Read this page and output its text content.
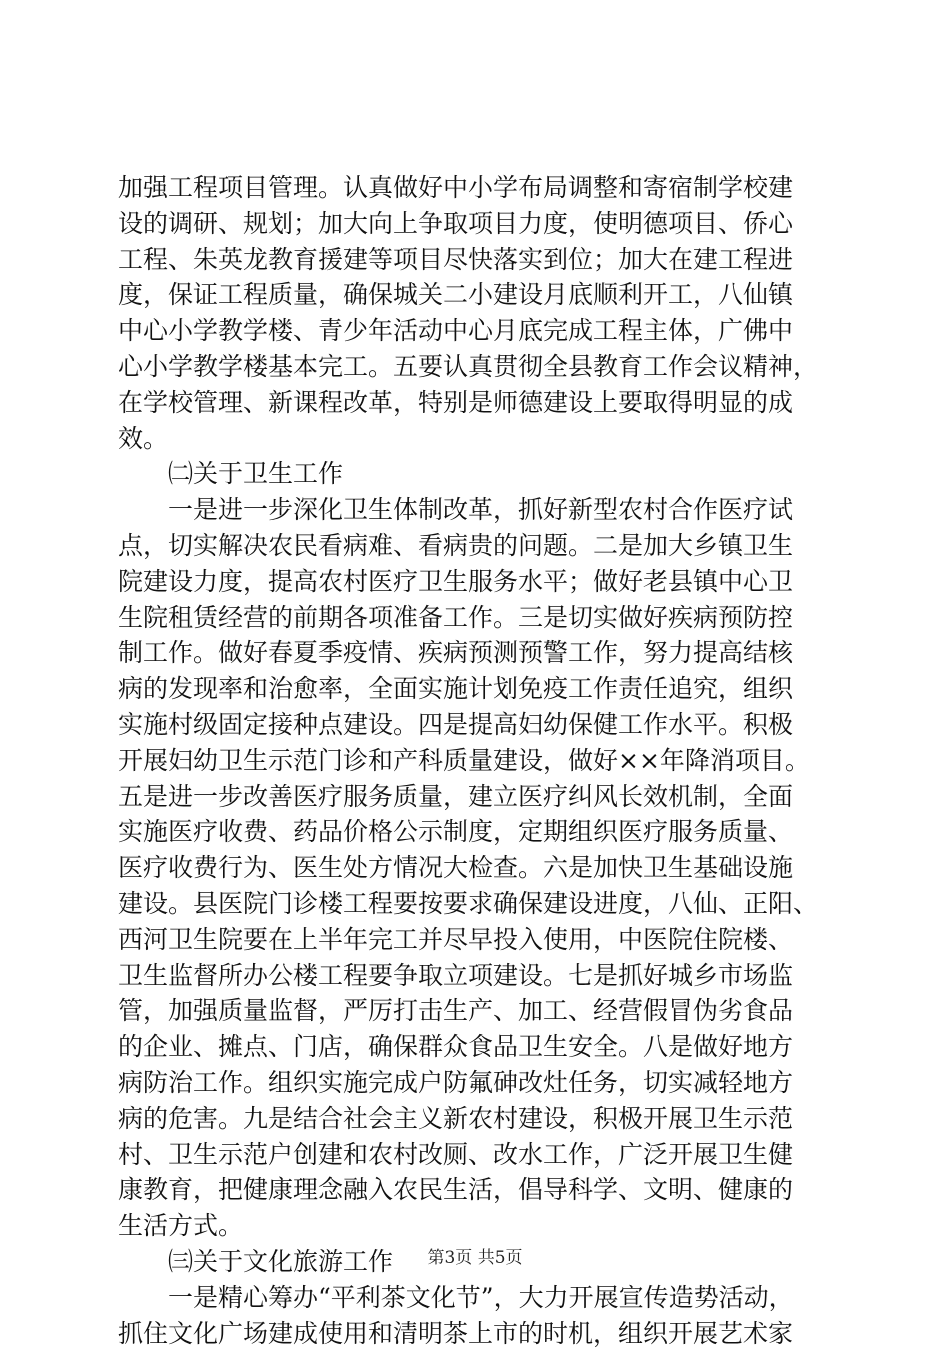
加强工程项目管理。认真做好中小学布局调整和寄宿制学校建
设的调研、规划；加大向上争取项目力度，使明德项目、侨心
工程、朱英龙教育援建等项目尽快落实到位；加大在建工程进
度，保证工程质量，确保城关二小建设月底顺利开工，八仙镇
中心小学教学楼、青少年活动中心月底完成工程主体，广佛中
心小学教学楼基本完工。五要认真贯彻全县教育工作会议精神，
在学校管理、新课程改革，特别是师德建设上要取得明显的成
效。
　　㈡关于卫生工作
　　一是进一步深化卫生体制改革，抓好新型农村合作医疗试
点，切实解决农民看病难、看病贵的问题。二是加大乡镇卫生
院建设力度，提高农村医疗卫生服务水平；做好老县镇中心卫
生院租赁经营的前期各项准备工作。三是切实做好疾病预防控
制工作。做好春夏季疫情、疾病预测预警工作，努力提高结核
病的发现率和治愈率，全面实施计划免疫工作责任追究，组织
实施村级固定接种点建设。四是提高妇幼保健工作水平。积极
开展妇幼卫生示范门诊和产科质量建设，做好××年降消项目。
五是进一步改善医疗服务质量，建立医疗纠风长效机制，全面
实施医疗收费、药品价格公示制度，定期组织医疗服务质量、
医疗收费行为、医生处方情况大检查。六是加快卫生基础设施
建设。县医院门诊楼工程要按要求确保建设进度，八仙、正阳、
西河卫生院要在上半年完工并尽早投入使用，中医院住院楼、
卫生监督所办公楼工程要争取立项建设。七是抓好城乡市场监
管，加强质量监督，严厉打击生产、加工、经营假冒伪劣食品
的企业、摊点、门店，确保群众食品卫生安全。八是做好地方
病防治工作。组织实施完成户防氟砷改灶任务，切实减轻地方
病的危害。九是结合社会主义新农村建设，积极开展卫生示范
村、卫生示范户创建和农村改厕、改水工作，广泛开展卫生健
康教育，把健康理念融入农民生活，倡导科学、文明、健康的
生活方式。
　　㈢关于文化旅游工作
　　一是精心筹办“平利茶文化节”，大力开展宣传造势活动，
抓住文化广场建成使用和清明茶上市的时机，组织开展艺术家
第3页 共5页
